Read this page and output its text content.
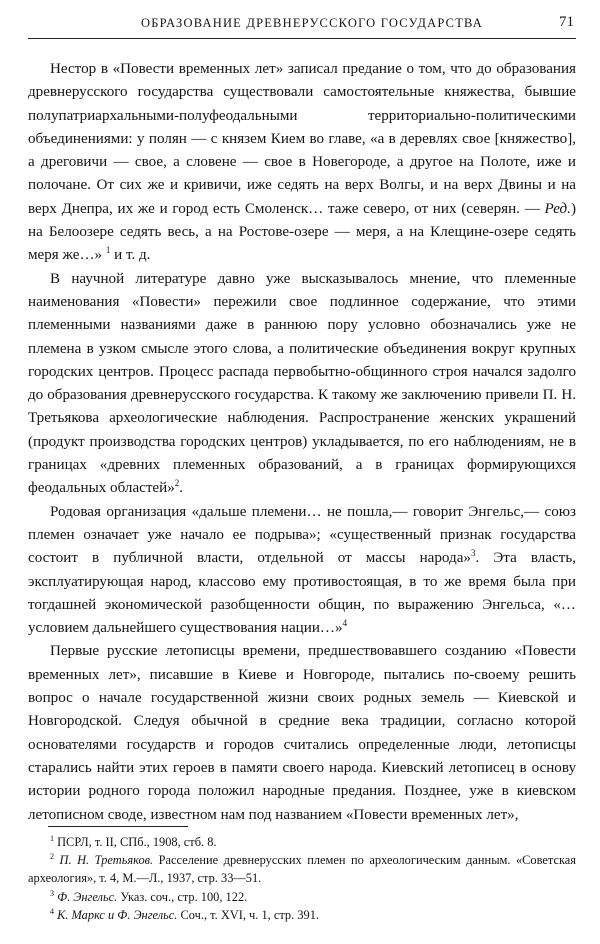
ОБРАЗОВАНИЕ ДРЕВНЕРУССКОГО ГОСУДАРСТВА	71

Нестор в «Повести временных лет» записал предание о том, что до образования древнерусского государства существовали самостоятельные княжества, бывшие полупатриархальными-полуфеодальными территориально-политическими объединениями: у полян — с князем Кием во главе, «а в деревлях свое [княжество], а дреговичи — свое, а словене — свое в Новегороде, а другое на Полоте, иже и полочане. От сих же и кривичи, иже седять на верх Волгы, и на верх Двины и на верх Днепра, их же и город есть Смоленск… таже северо, от них (северян. — Ред.) на Белоозере седять весь, а на Ростове-озере — меря, а на Клещине-озере седять меря же…» $^1$ и т. д.

В научной литературе давно уже высказывалось мнение, что племенные наименования «Повести» пережили свое подлинное содержание, что этими племенными названиями даже в раннюю пору условно обозначались уже не племена в узком смысле этого слова, а политические объединения вокруг крупных городских центров. Процесс распада первобытно-общинного строя начался задолго до образования древнерусского государства. К такому же заключению привели П. Н. Третьякова археологические наблюдения. Распространение женских украшений (продукт производства городских центров) укладывается, по его наблюдениям, не в границах «древних племенных образований, а в границах формирующихся феодальных областей»$^2$.

Родовая организация «дальше племени… не пошла,— говорит Энгельс,— союз племен означает уже начало ее подрыва»; «существенный признак государства состоит в публичной власти, отдельной от массы народа»$^3$. Эта власть, эксплуатирующая народ, классово ему противостоящая, в то же время была при тогдашней экономической разобщенности общин, по выражению Энгельса, «…условием дальнейшего существования нации…»$^4$

Первые русские летописцы времени, предшествовавшего созданию «Повести временных лет», писавшие в Киеве и Новгороде, пытались по-своему решить вопрос о начале государственной жизни своих родных земель — Киевской и Новгородской. Следуя обычной в средние века традиции, согласно которой основателями государств и городов считались определенные люди, летописцы старались найти этих героев в памяти своего народа. Киевский летописец в основу истории родного города положил народные предания. Позднее, уже в киевском летописном своде, известном нам под названием «Повести временных лет»,

$^1$ ПСРЛ, т. II, СПб., 1908, стб. 8.
$^2$ П. Н. Третьяков. Расселение древнерусских племен по археологическим данным. «Советская археология», т. 4, М.—Л., 1937, стр. 33—51.
$^3$ Ф. Энгельс. Указ. соч., стр. 100, 122.
$^4$ К. Маркс и Ф. Энгельс. Соч., т. XVI, ч. 1, стр. 391.
